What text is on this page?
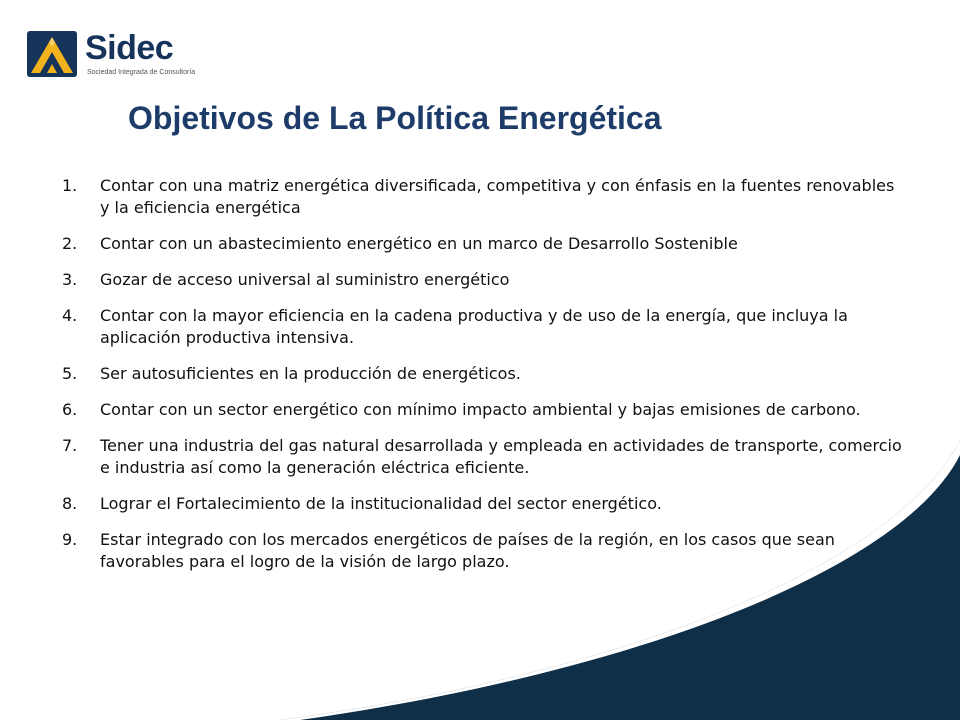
Sidec
Sociedad Integrada de Consultoría
Objetivos de La Política Energética
1. Contar con una matriz energética diversificada, competitiva y con énfasis en la fuentes renovables y la eficiencia energética
2. Contar con un abastecimiento energético en un marco de Desarrollo Sostenible
3. Gozar de acceso universal al suministro energético
4. Contar con la mayor eficiencia en la cadena productiva y de uso de la energía, que incluya la aplicación productiva intensiva.
5. Ser autosuficientes en la producción de energéticos.
6. Contar con un sector energético con mínimo impacto ambiental y bajas emisiones de carbono.
7. Tener una industria del gas natural desarrollada y empleada en actividades de transporte, comercio e industria así como la generación eléctrica eficiente.
8. Lograr el Fortalecimiento de la institucionalidad del sector energético.
9. Estar integrado con los mercados energéticos de países de la región, en los casos que sean favorables para el logro de la visión de largo plazo.
